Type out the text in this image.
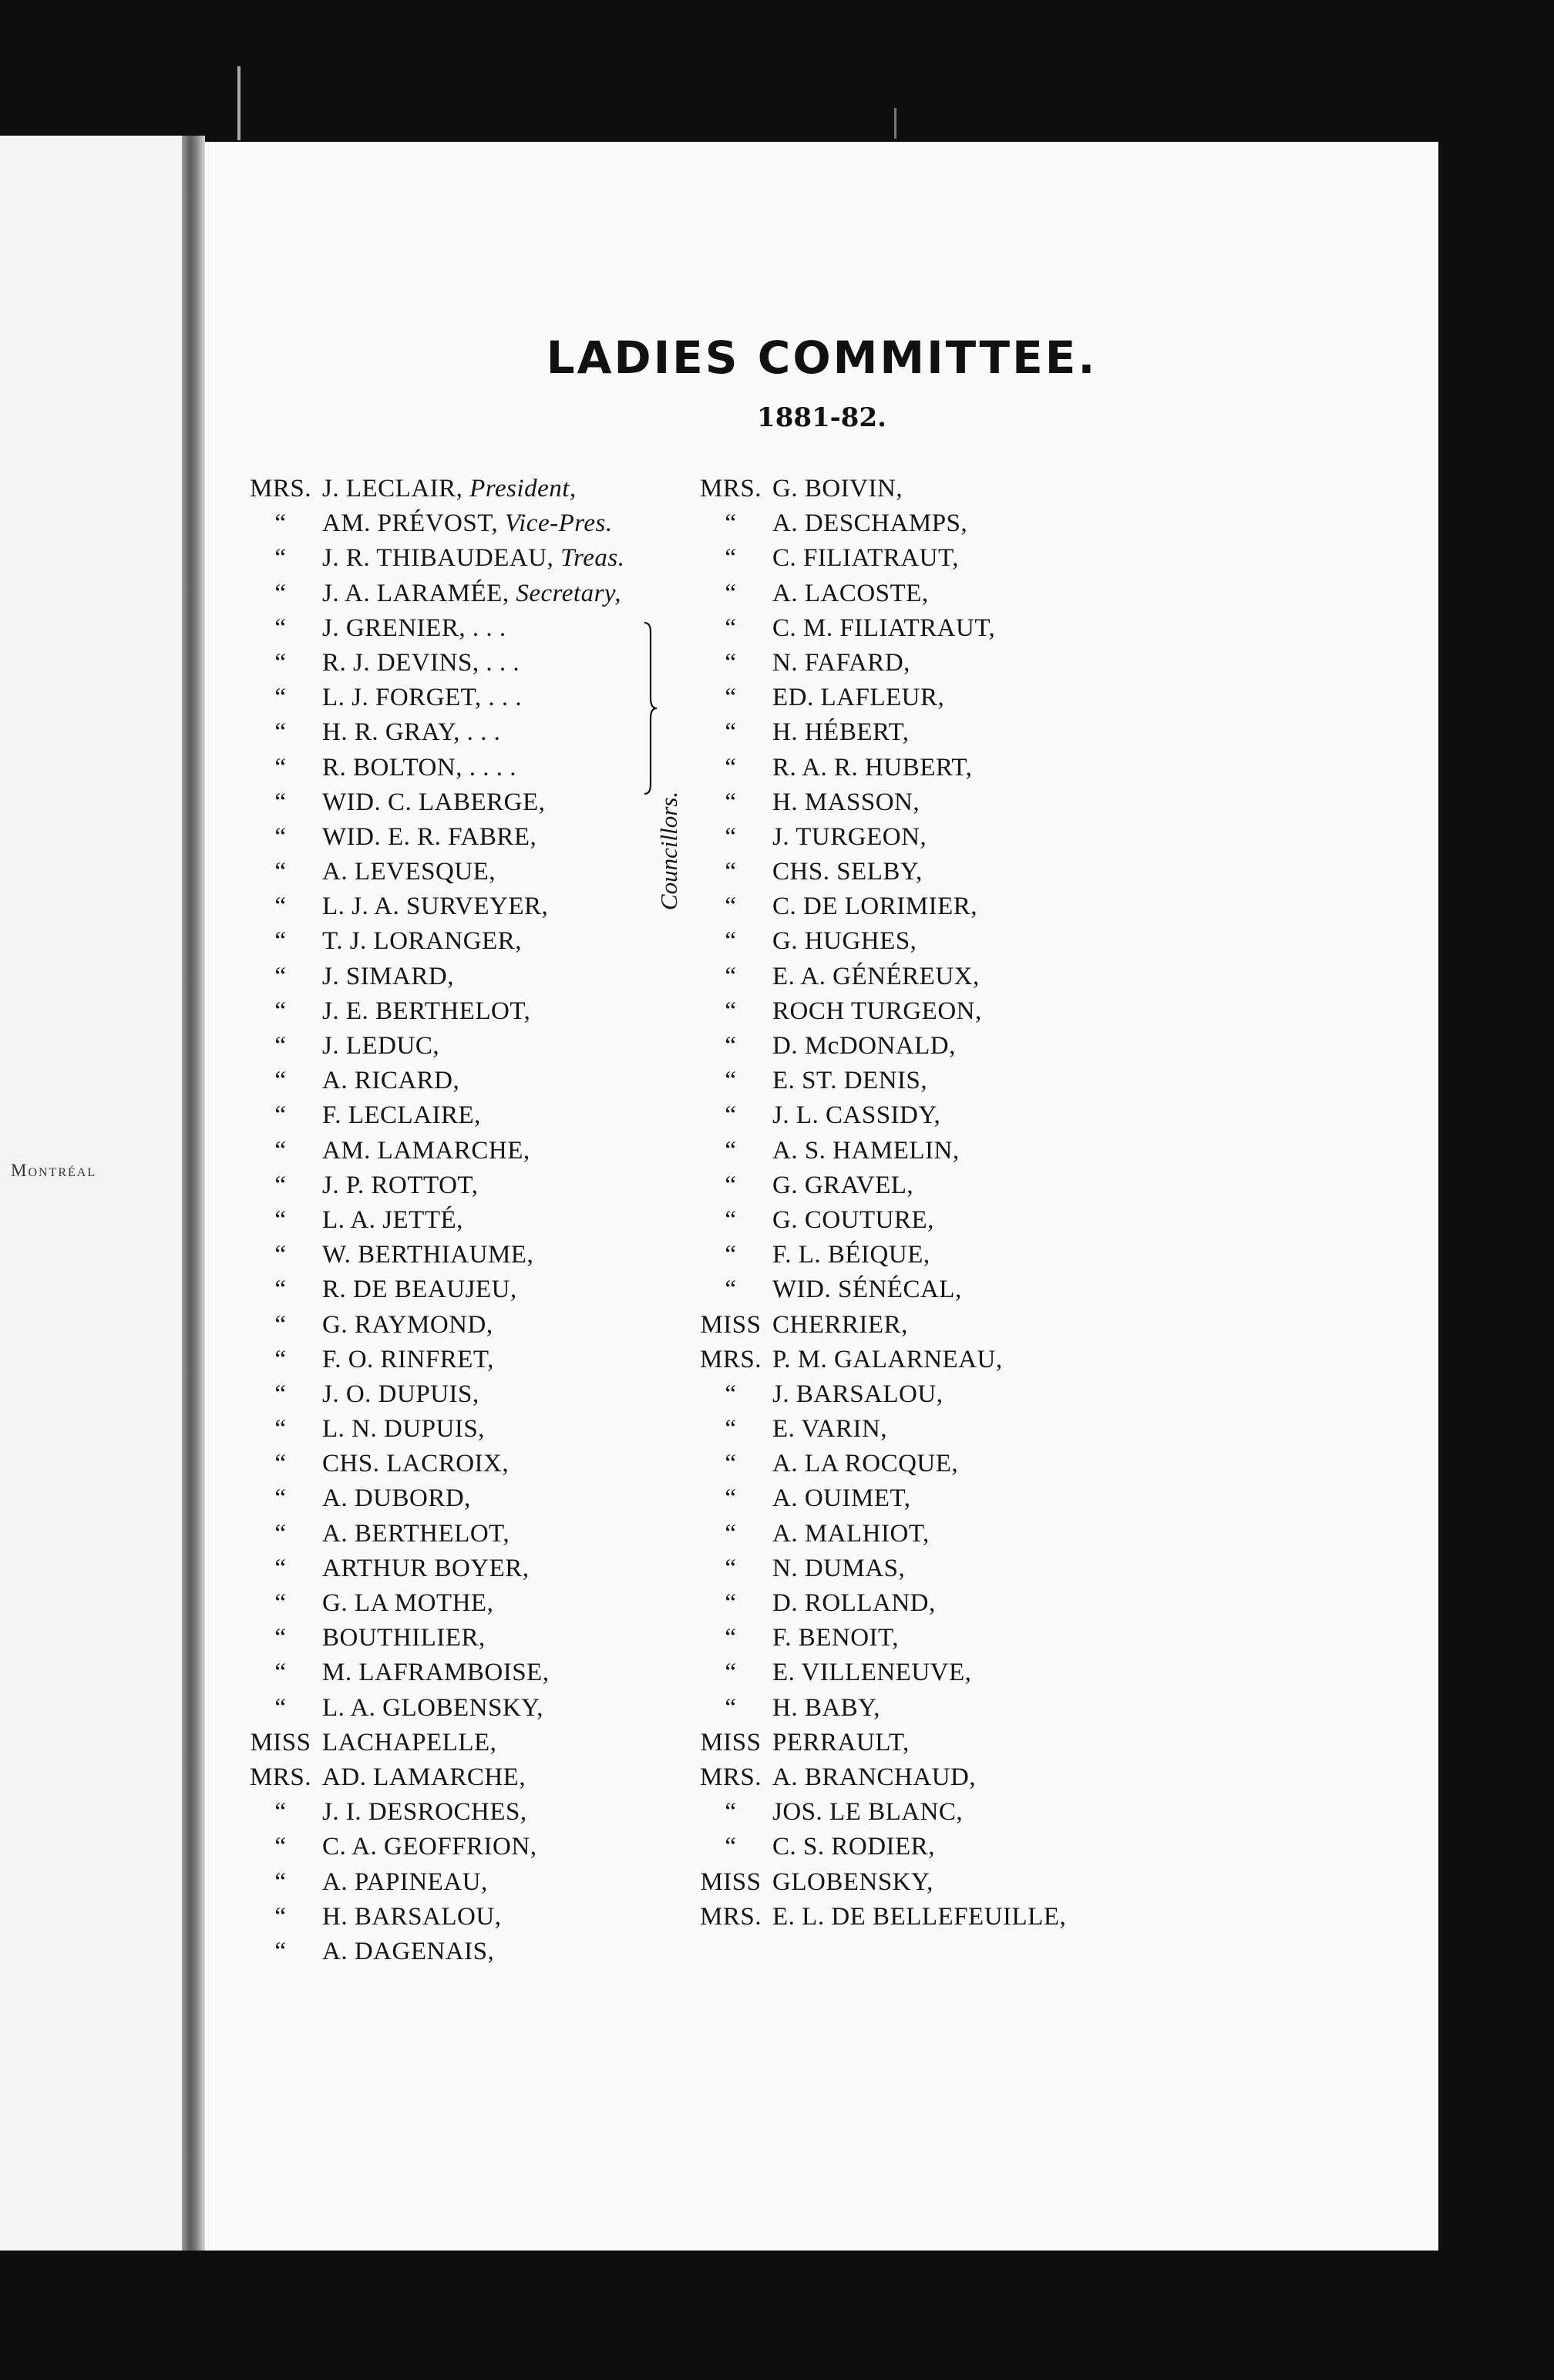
Montréal
LADIES COMMITTEE.
1881-82.
MRS. J. LECLAIR, President,
“ AM. PRÉVOST, Vice-Pres.
“ J. R. THIBAUDEAU, Treas.
“ J. A. LARAMÉE, Secretary,
“ J. GRENIER, . . .
“ R. J. DEVINS, . . .
“ L. J. FORGET, . . .
“ H. R. GRAY, . . .
“ R. BOLTON, . . . .
“ WID. C. LABERGE,
“ WID. E. R. FABRE,
“ A. LEVESQUE,
“ L. J. A. SURVEYER,
“ T. J. LORANGER,
“ J. SIMARD,
“ J. E. BERTHELOT,
“ J. LEDUC,
“ A. RICARD,
“ F. LECLAIRE,
“ AM. LAMARCHE,
“ J. P. ROTTOT,
“ L. A. JETTÉ,
“ W. BERTHIAUME,
“ R. DE BEAUJEU,
“ G. RAYMOND,
“ F. O. RINFRET,
“ J. O. DUPUIS,
“ L. N. DUPUIS,
“ CHS. LACROIX,
“ A. DUBORD,
“ A. BERTHELOT,
“ ARTHUR BOYER,
“ G. LA MOTHE,
“ BOUTHILIER,
“ M. LAFRAMBOISE,
“ L. A. GLOBENSKY,
MISS LACHAPELLE,
MRS. AD. LAMARCHE,
“ J. I. DESROCHES,
“ C. A. GEOFFRION,
“ A. PAPINEAU,
“ H. BARSALOU,
“ A. DAGENAIS,
MRS. G. BOIVIN,
“ A. DESCHAMPS,
“ C. FILIATRAUT,
“ A. LACOSTE,
“ C. M. FILIATRAUT,
“ N. FAFARD,
“ ED. LAFLEUR,
“ H. HÉBERT,
“ R. A. R. HUBERT,
“ H. MASSON,
“ J. TURGEON,
“ CHS. SELBY,
“ C. DE LORIMIER,
“ G. HUGHES,
“ E. A. GÉNÉREUX,
“ ROCH TURGEON,
“ D. McDONALD,
“ E. ST. DENIS,
“ J. L. CASSIDY,
“ A. S. HAMELIN,
“ G. GRAVEL,
“ G. COUTURE,
“ F. L. BÉIQUE,
“ WID. SÉNÉCAL,
MISS CHERRIER,
MRS. P. M. GALARNEAU,
“ J. BARSALOU,
“ E. VARIN,
“ A. LA ROCQUE,
“ A. OUIMET,
“ A. MALHIOT,
“ N. DUMAS,
“ D. ROLLAND,
“ F. BENOIT,
“ E. VILLENEUVE,
“ H. BABY,
MISS PERRAULT,
MRS. A. BRANCHAUD,
“ JOS. LE BLANC,
“ C. S. RODIER,
MISS GLOBENSKY,
MRS. E. L. DE BELLEFEUILLE,
Councillors.
